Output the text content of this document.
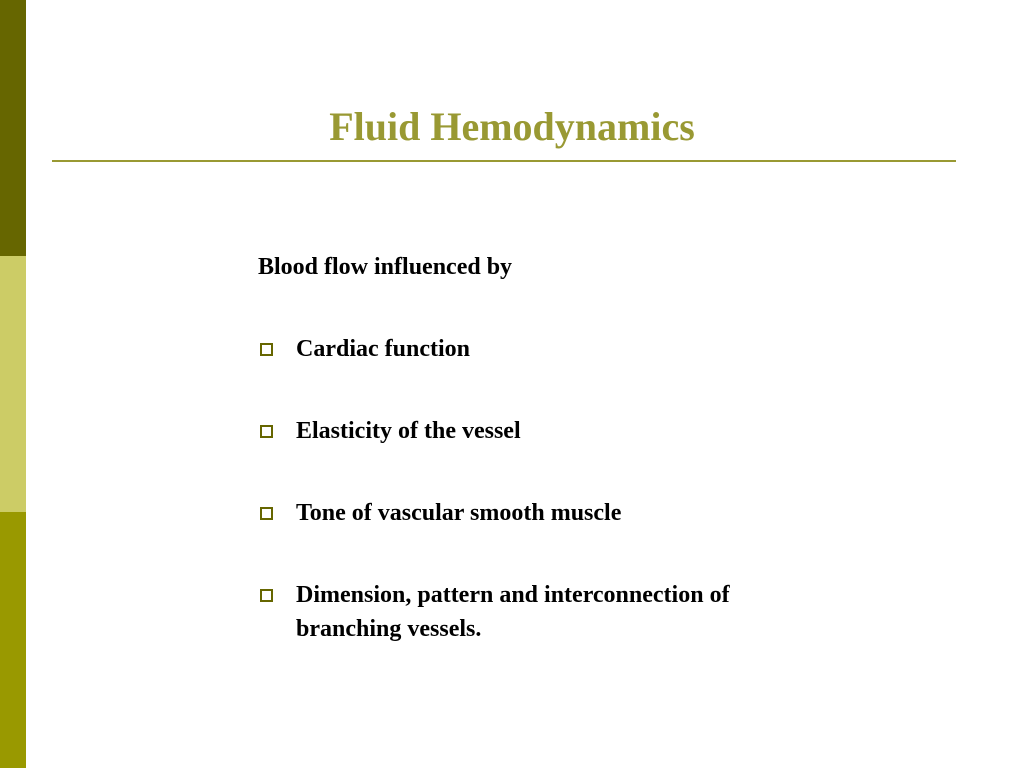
Fluid Hemodynamics

Blood flow influenced by

Cardiac function
Elasticity of the vessel
Tone of vascular smooth muscle
Dimension, pattern and interconnection of branching vessels.
